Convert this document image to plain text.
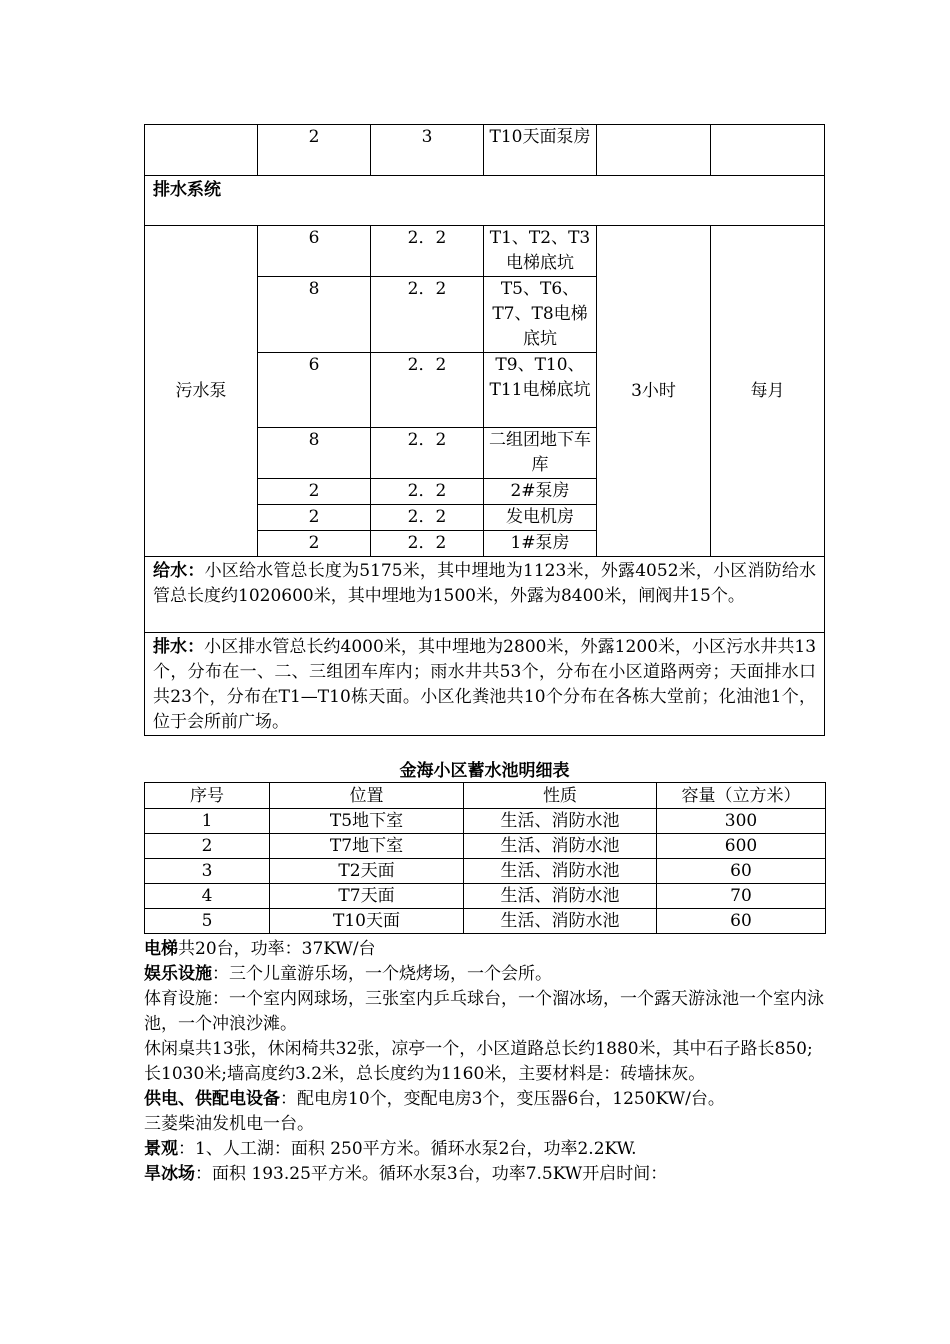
	2	3	T10天面泵房		
排水系统					
污水泵	6	2．2	T1、T2、T3电梯底坑	3小时	每月
	8	2．2	T5、T6、T7、T8电梯底坑		
	6	2．2	T9、T10、T11电梯底坑		
	8	2．2	二组团地下车库		
	2	2．2	2#泵房		
	2	2．2	发电机房		
	2	2．2	1#泵房		
给水：小区给水管总长度为5175米，其中埋地为1123米，外露4052米，小区消防给水管总长度约1020600米，其中埋地为1500米，外露为8400米，闸阀井15个。					
排水：小区排水管总长约4000米，其中埋地为2800米，外露1200米，小区污水井共13个，分布在一、二、三组团车库内；雨水井共53个，分布在小区道路两旁；天面排水口共23个，分布在T1—T10栋天面。小区化粪池共10个分布在各栋大堂前；化油池1个，位于会所前广场。					
金海小区蓄水池明细表
序号	位置	性质	容量（立方米）
1	T5地下室	生活、消防水池	300
2	T7地下室	生活、消防水池	600
3	T2天面	生活、消防水池	60
4	T7天面	生活、消防水池	70
5	T10天面	生活、消防水池	60

电梯共20台，功率：37KW/台

娱乐设施：三个儿童游乐场，一个烧烤场，一个会所。

体育设施：一个室内网球场，三张室内乒乓球台，一个溜冰场，一个露天游泳池一个室内泳池，一个冲浪沙滩。

休闲桌共13张，休闲椅共32张，凉亭一个，小区道路总长约1880米，其中石子路长850;长1030米;墙高度约3.2米，总长度约为1160米，主要材料是：砖墙抹灰。

供电、供配电设备：配电房10个，变配电房3个，变压器6台，1250KW/台。

三菱柴油发机电一台。

景观：1、人工湖：面积 250平方米。循环水泵2台，功率2.2KW.

旱冰场：面积 193.25平方米。循环水泵3台，功率7.5KW开启时间：
